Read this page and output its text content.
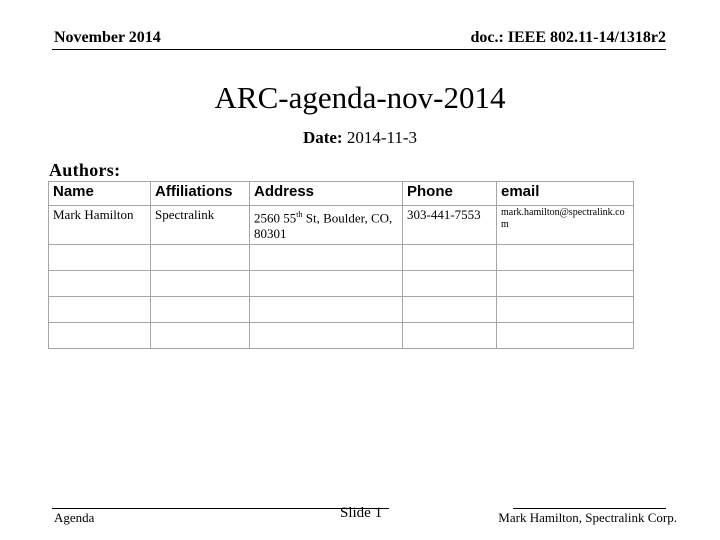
November 2014	doc.: IEEE 802.11-14/1318r2
ARC-agenda-nov-2014
Date: 2014-11-3
Authors:
Name	Affiliations	Address	Phone	email
Mark Hamilton	Spectralink	2560 55th St, Boulder, CO, 80301	303-441-7553	mark.hamilton@spectralink.com

Agenda	Slide 1	Mark Hamilton, Spectralink Corp.
